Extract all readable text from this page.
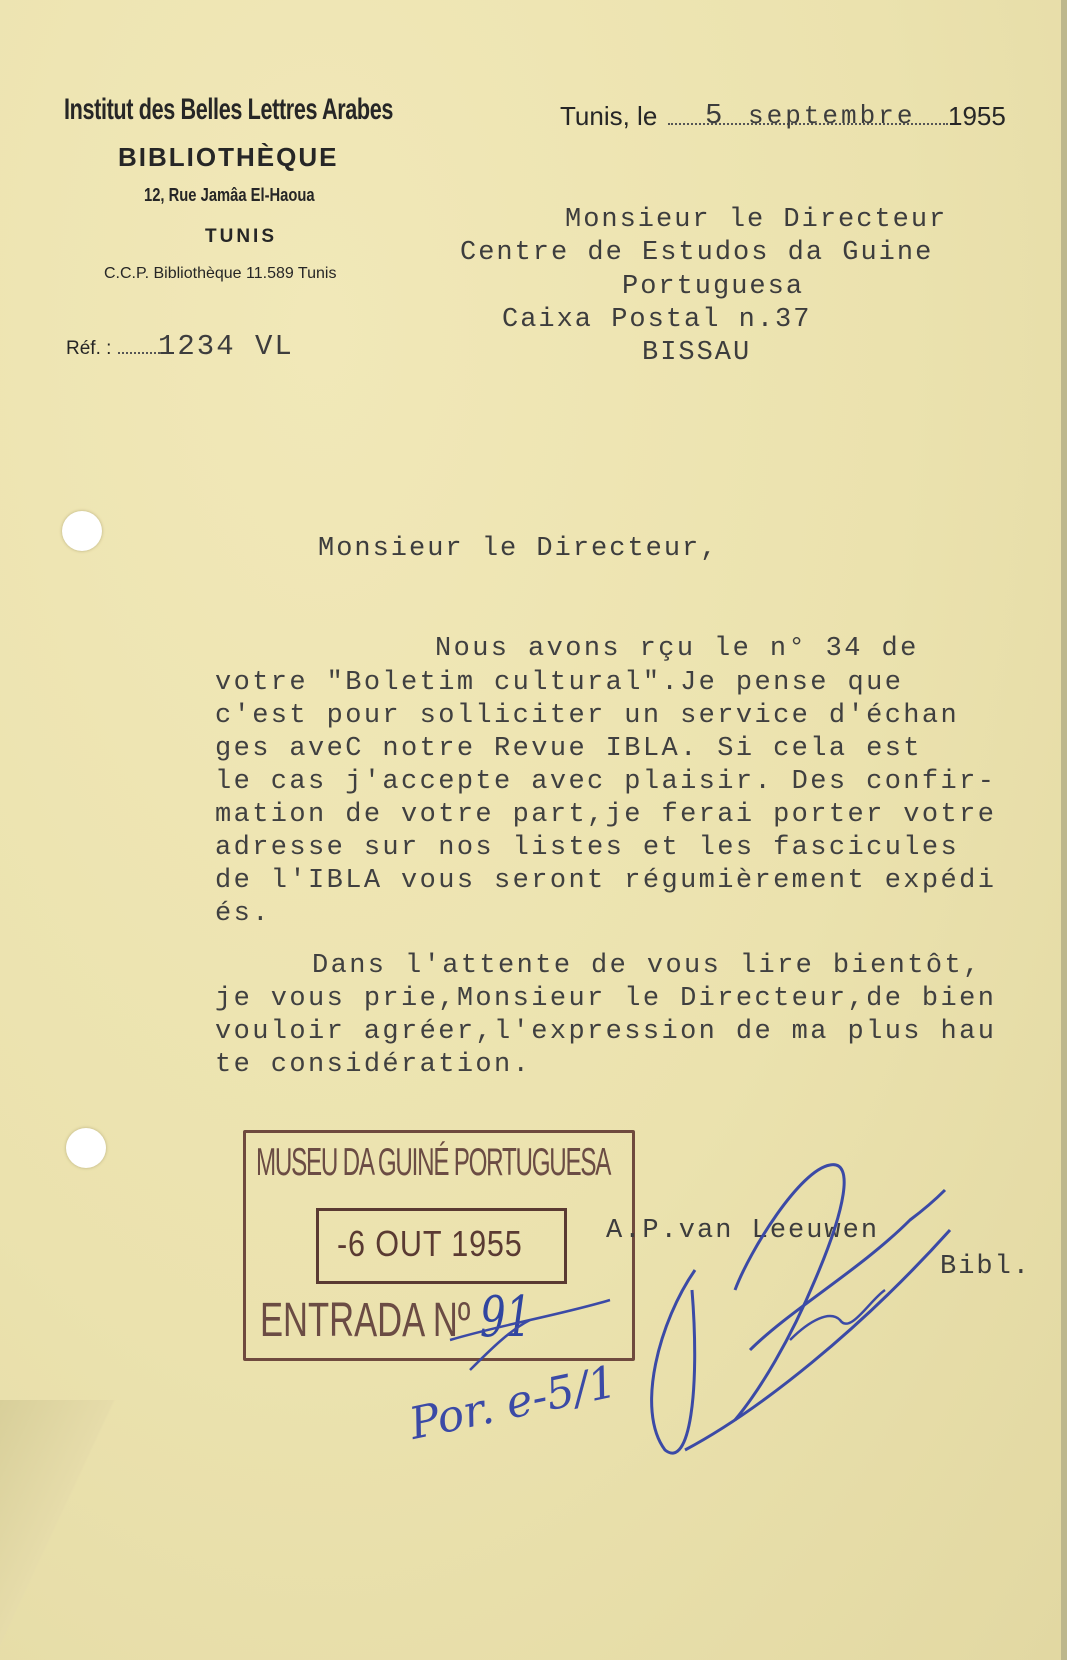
Institut des Belles Lettres Arabes
BIBLIOTHÈQUE
12, Rue Jamâa El-Haoua
TUNIS
C.C.P. Bibliothèque 11.589 Tunis
Réf. : 1234 VL
Tunis, le 5 septembre 1955
Monsieur le Directeur
Centre de Estudos da Guine
Portuguesa
Caixa Postal n.37
BISSAU
Monsieur le Directeur,
Nous avons rçu le n° 34 de
votre "Boletim cultural".Je pense que
c'est pour solliciter un service d'échan
ges aveC notre Revue IBLA. Si cela est
le cas j'accepte avec plaisir. Des confir-
mation de votre part,je ferai porter votre
adresse sur nos listes et les fascicules
de l'IBLA vous seront régumièrement expédi
és.
Dans l'attente de vous lire bientôt,
je vous prie,Monsieur le Directeur,de bien
vouloir agréer,l'expression de ma plus hau
te considération.
MUSEU DA GUINÉ PORTUGUESA
-6 OUT 1955
ENTRADA Nº 91
A.P.van Leeuwen
Bibl.
Por. e-5/1
